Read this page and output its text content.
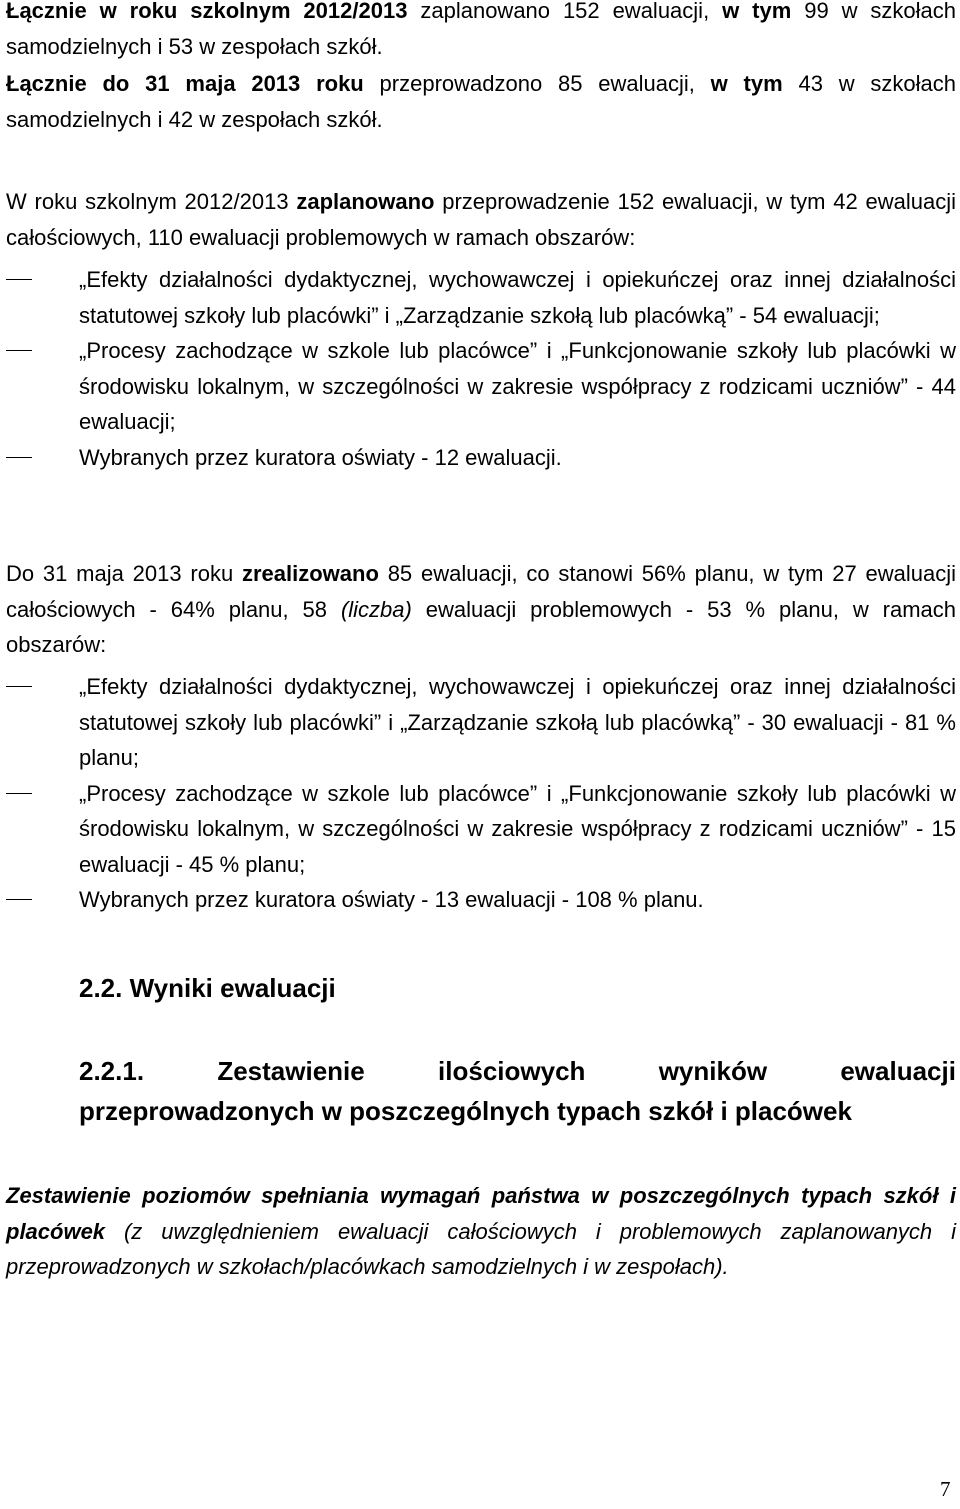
Łącznie w roku szkolnym 2012/2013 zaplanowano 152 ewaluacji, w tym 99 w szkołach samodzielnych i 53 w zespołach szkół.

Łącznie do 31 maja 2013 roku przeprowadzono 85 ewaluacji, w tym 43 w szkołach samodzielnych i 42 w zespołach szkół.

W roku szkolnym 2012/2013 zaplanowano przeprowadzenie 152 ewaluacji, w tym 42 ewaluacji całościowych, 110 ewaluacji problemowych w ramach obszarów:

„Efekty działalności dydaktycznej, wychowawczej i opiekuńczej oraz innej działalności statutowej szkoły lub placówki” i „Zarządzanie szkołą lub placówką” - 54 ewaluacji;
„Procesy zachodzące w szkole lub placówce” i „Funkcjonowanie szkoły lub placówki w środowisku lokalnym, w szczególności w zakresie współpracy z rodzicami uczniów” - 44 ewaluacji;
Wybranych przez kuratora oświaty - 12 ewaluacji.

Do 31 maja 2013 roku zrealizowano 85 ewaluacji, co stanowi 56% planu, w tym 27 ewaluacji całościowych - 64% planu, 58 (liczba) ewaluacji problemowych - 53 % planu, w ramach obszarów:

„Efekty działalności dydaktycznej, wychowawczej i opiekuńczej oraz innej działalności statutowej szkoły lub placówki” i „Zarządzanie szkołą lub placówką” - 30 ewaluacji - 81 % planu;
„Procesy zachodzące w szkole lub placówce” i „Funkcjonowanie szkoły lub placówki w środowisku lokalnym, w szczególności w zakresie współpracy z rodzicami uczniów” - 15 ewaluacji - 45 % planu;
Wybranych przez kuratora oświaty - 13 ewaluacji - 108 % planu.
2.2. Wyniki ewaluacji
2.2.1.	Zestawienie	ilościowych	wyników	ewaluacji
przeprowadzonych w poszczególnych typach szkół i placówek

Zestawienie poziomów spełniania wymagań państwa w poszczególnych typach szkół i placówek (z uwzględnieniem ewaluacji całościowych i problemowych zaplanowanych i przeprowadzonych w szkołach/placówkach samodzielnych i w zespołach).

7
